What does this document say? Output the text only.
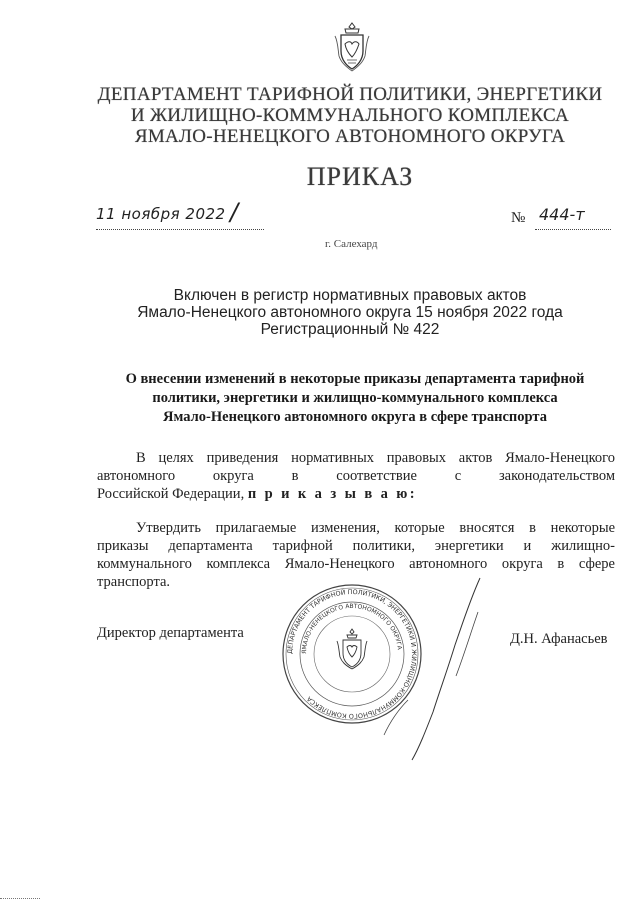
ДЕПАРТАМЕНТ ТАРИФНОЙ ПОЛИТИКИ, ЭНЕРГЕТИКИ
И ЖИЛИЩНО-КОММУНАЛЬНОГО КОМПЛЕКСА
ЯМАЛО-НЕНЕЦКОГО АВТОНОМНОГО ОКРУГА
ПРИКАЗ
11 ноября 2022 /	№ 444-т
г. Салехард
Включен в регистр нормативных правовых актов
Ямало-Ненецкого автономного округа 15 ноября 2022 года
Регистрационный № 422
О внесении изменений в некоторые приказы департамента тарифной
политики, энергетики и жилищно-коммунального комплекса
Ямало-Ненецкого автономного округа в сфере транспорта
В целях приведения нормативных правовых актов Ямало-Ненецкого
автономного округа в соответствие с законодательством
Российской Федерации, п р и к а з ы в а ю:
Утвердить прилагаемые изменения, которые вносятся в некоторые
приказы департамента тарифной политики, энергетики и жилищно-
коммунального комплекса Ямало-Ненецкого автономного округа в сфере
транспорта.
Директор департамента	Д.Н. Афанасьев
ДЕПАРТАМЕНТ ТАРИФНОЙ ПОЛИТИКИ, ЭНЕРГЕТИКИ И ЖИЛИЩНО-КОММУНАЛЬНОГО КОМПЛЕКСА
ЯМАЛО-НЕНЕЦКОГО АВТОНОМНОГО ОКРУГА
